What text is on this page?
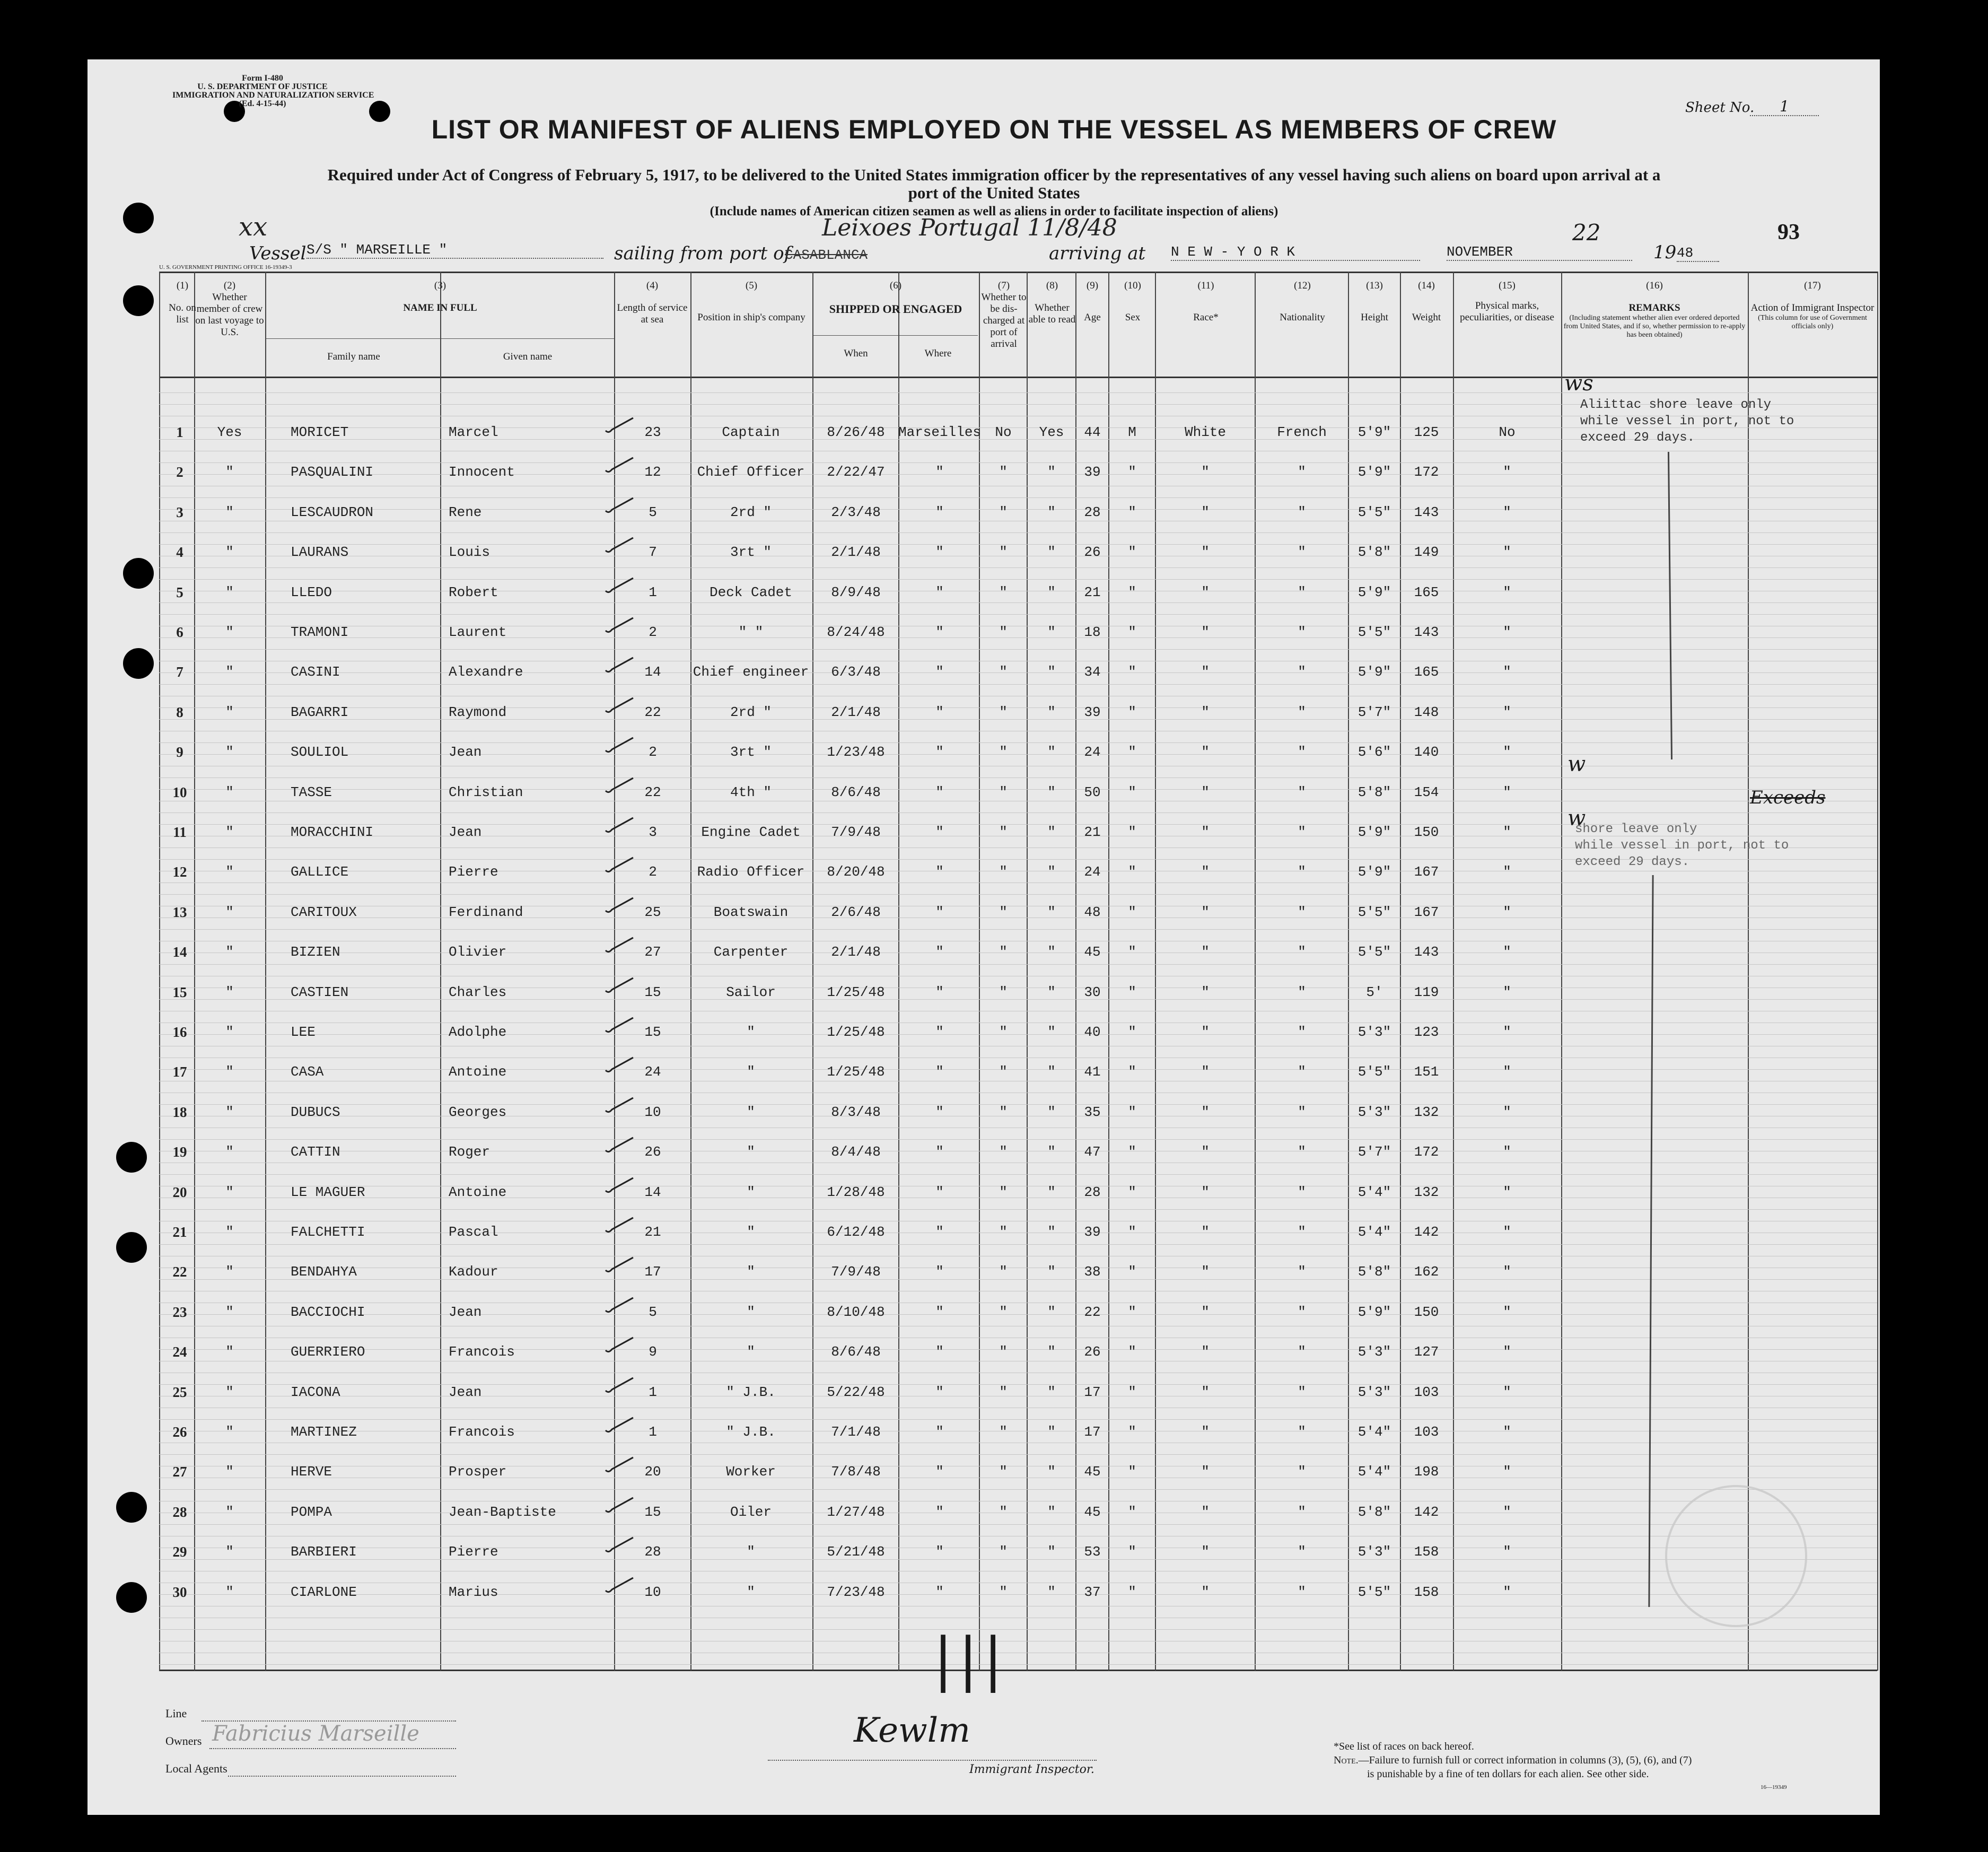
Form I-480
U. S. DEPARTMENT OF JUSTICE
IMMIGRATION AND NATURALIZATION SERVICE
(Ed. 4-15-44)	Sheet No.	1
LIST OR MANIFEST OF ALIENS EMPLOYED ON THE VESSEL AS MEMBERS OF CREW
Required under Act of Congress of February 5, 1917, to be delivered to the United States immigration officer by the representatives of any vessel having such aliens on board upon arrival at a
port of the United States
(Include names of American citizen seamen as well as aliens in order to facilitate inspection of aliens)
93
xx
Vessel S/S " MARSEILLE "	sailing from port of
CASABLANCA
Leixoes Portugal 11/8/48
arriving at N E W - Y O R K	NOVEMBER
22
19 48
U. S. GOVERNMENT PRINTING OFFICE 16-19349-3
(1)
No. on list
(2)
Whether member of crew on last voyage to U.S.
(3)
NAME IN FULL
Family name	Given name
(4)
Length of service at sea
(5)
Position in ship's company
(6)
SHIPPED OR ENGAGED
When	Where
(7)
Whether to be dis-charged at port of arrival
(8)
Whether able to read
(9)
Age
(10)
Sex
(11)
Race*
(12)
Nationality
(13)
Height
(14)
Weight
(15)
Physical marks, peculiarities, or disease
(16)
REMARKS
(Including statement whether alien ever ordered deported from United States, and if so, whether permission to re-apply has been obtained)
(17)
Action of Immigrant Inspector
(This column for use of Government officials only)
1	Yes	MORICET	Marcel	23	Captain	8/26/48 Marseilles	No	Yes	44	M	White	French	5'9"	125	No
2	"	PASQUALINI	Innocent	12	Chief Officer	2/22/47	"	"	"	39	"	"	"	5'9"	172	"
3	"	LESCAUDRON	Rene	5	2rd "	2/3/48	"	"	"	28	"	"	"	5'5"	143	"
4	"	LAURANS	Louis	7	3rt "	2/1/48	"	"	"	26	"	"	"	5'8"	149	"
5	"	LLEDO	Robert	1	Deck Cadet	8/9/48	"	"	"	21	"	"	"	5'9"	165	"
6	"	TRAMONI	Laurent	2	" "	8/24/48	"	"	"	18	"	"	"	5'5"	143	"
7	"	CASINI	Alexandre	14	Chief engineer	6/3/48	"	"	"	34	"	"	"	5'9"	165	"
8	"	BAGARRI	Raymond	22	2rd "	2/1/48	"	"	"	39	"	"	"	5'7"	148	"
9	"	SOULIOL	Jean	2	3rt "	1/23/48	"	"	"	24	"	"	"	5'6"	140	"
10	"	TASSE	Christian	22	4th "	8/6/48	"	"	"	50	"	"	"	5'8"	154	"
11	"	MORACCHINI	Jean	3	Engine Cadet	7/9/48	"	"	"	21	"	"	"	5'9"	150	"
12	"	GALLICE	Pierre	2	Radio Officer	8/20/48	"	"	"	24	"	"	"	5'9"	167	"
13	"	CARITOUX	Ferdinand	25	Boatswain	2/6/48	"	"	"	48	"	"	"	5'5"	167	"
14	"	BIZIEN	Olivier	27	Carpenter	2/1/48	"	"	"	45	"	"	"	5'5"	143	"
15	"	CASTIEN	Charles	15	Sailor	1/25/48	"	"	"	30	"	"	"	5'	119	"
16	"	LEE	Adolphe	15	"	1/25/48	"	"	"	40	"	"	"	5'3"	123	"
17	"	CASA	Antoine	24	"	1/25/48	"	"	"	41	"	"	"	5'5"	151	"
18	"	DUBUCS	Georges	10	"	8/3/48	"	"	"	35	"	"	"	5'3"	132	"
19	"	CATTIN	Roger	26	"	8/4/48	"	"	"	47	"	"	"	5'7"	172	"
20	"	LE MAGUER	Antoine	14	"	1/28/48	"	"	"	28	"	"	"	5'4"	132	"
21	"	FALCHETTI	Pascal	21	"	6/12/48	"	"	"	39	"	"	"	5'4"	142	"
22	"	BENDAHYA	Kadour	17	"	7/9/48	"	"	"	38	"	"	"	5'8"	162	"
23	"	BACCIOCHI	Jean	5	"	8/10/48	"	"	"	22	"	"	"	5'9"	150	"
24	"	GUERRIERO	Francois	9	"	8/6/48	"	"	"	26	"	"	"	5'3"	127	"
25	"	IACONA	Jean	1	" J.B.	5/22/48	"	"	"	17	"	"	"	5'3"	103	"
26	"	MARTINEZ	Francois	1	" J.B.	7/1/48	"	"	"	17	"	"	"	5'4"	103	"
27	"	HERVE	Prosper	20	Worker	7/8/48	"	"	"	45	"	"	"	5'4"	198	"
28	"	POMPA	Jean-Baptiste	15	Oiler	1/27/48	"	"	"	45	"	"	"	5'8"	142	"
29	"	BARBIERI	Pierre	28	"	5/21/48	"	"	"	53	"	"	"	5'3"	158	"
30	"	CIARLONE	Marius	10	"	7/23/48	"	"	"	37	"	"	"	5'5"	158	"
ws
Aliittac shore leave only
while vessel in port, not to
exceed 29 days.
w
Exceeds
w
shore leave only
while vessel in port, not to
exceed 29 days.
|||
Line
Owners Fabricius Marseille
Local Agents
Kewlm
Immigrant Inspector.
*See list of races on back hereof.
Note.—Failure to furnish full or correct information in columns (3), (5), (6), and (7)
is punishable by a fine of ten dollars for each alien. See other side.
16—19349
